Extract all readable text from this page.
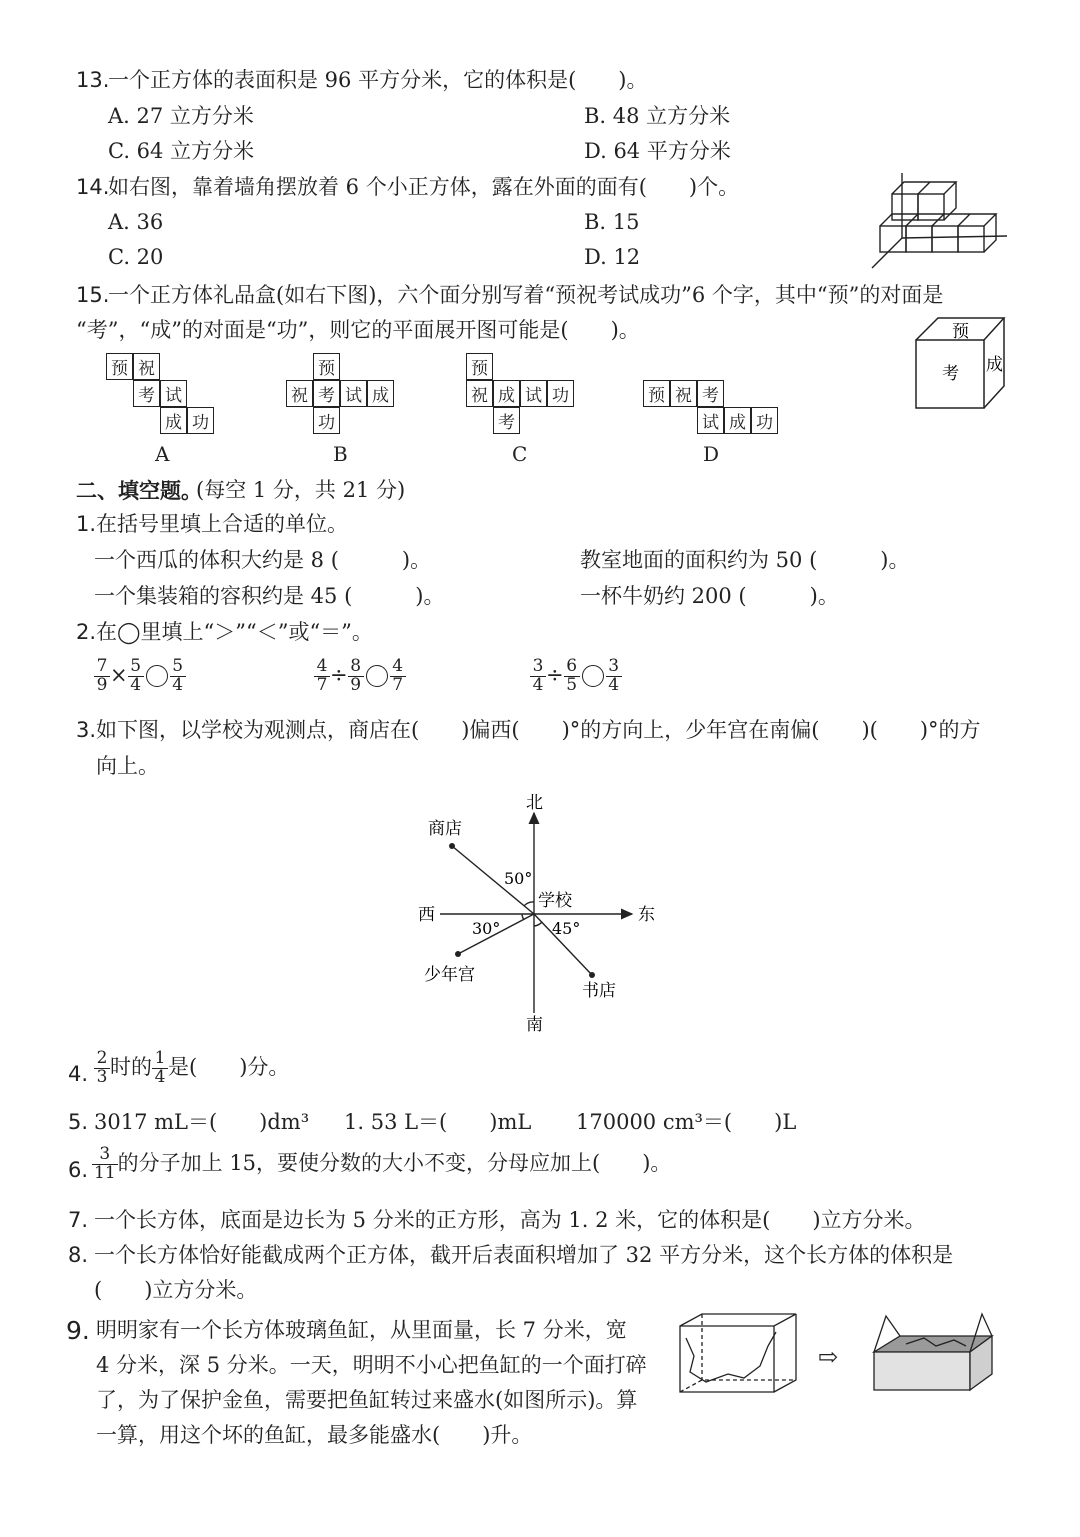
13.
一个正方体的表面积是 96 平方分米，它的体积是(　　)。
A. 27 立方分米	B. 48 立方分米
C. 64 立方分米	D. 64 平方分米
14.
如右图，靠着墙角摆放着 6 个小正方体，露在外面的面有(　　)个。
A. 36	B. 15
C. 20	D. 12
15.
一个正方体礼品盒(如右下图)，六个面分别写着“预祝考试成功”6 个字，其中“预”的对面是
“考”，“成”的对面是“功”，则它的平面展开图可能是(　　)。	预
考 成
预 祝
考 试
成 功
A
预
祝 考 试 成
功
B
预
祝 成 试 功
考
C
预 祝 考
试 成 功
D
二、填空题。
(每空 1 分，共 21 分)
1. 在括号里填上合适的单位。
一个西瓜的体积大约是 8 (　　　)。	教室地面的面积约为 50 (　　　)。
一个集装箱的容积约是 45 (　　　)。	一杯牛奶约 200 (　　　)。
2. 在◯里填上“＞”“＜”或“＝”。
$\frac{7}{9} \times \frac{5}{4} \frac{5}{4}$	$\frac{4}{7} \div \frac{8}{9} \frac{4}{7}$	$\frac{3}{4} \div \frac{6}{5} \frac{3}{4}$
3. 如下图，以学校为观测点，商店在(　　)偏西(　　)°的方向上，少年宫在南偏(　　)(　　)°的方
向上。
北
南
东
西
学校
商店
少年宫
书店
50°
30°	45°
4. $\frac{2}{3}$ 时的 $\frac{1}{4}$ 是(　　)分。
5. 3017 mL＝(　　)dm³ 1. 53 L＝(　　)mL 170000 cm³＝(　　)L
6. $\frac{3}{11}$ 的分子加上 15，要使分数的大小不变，分母应加上(　　)。
7. 一个长方体，底面是边长为 5 分米的正方形，高为 1. 2 米，它的体积是(　　)立方分米。
8. 一个长方体恰好能截成两个正方体，截开后表面积增加了 32 平方分米，这个长方体的体积是
(　　)立方分米。
9. 明明家有一个长方体玻璃鱼缸，从里面量，长 7 分米，宽
4 分米，深 5 分米。一天，明明不小心把鱼缸的一个面打碎
了，为了保护金鱼，需要把鱼缸转过来盛水(如图所示)。算
一算，用这个坏的鱼缸，最多能盛水(　　)升。
⇨
